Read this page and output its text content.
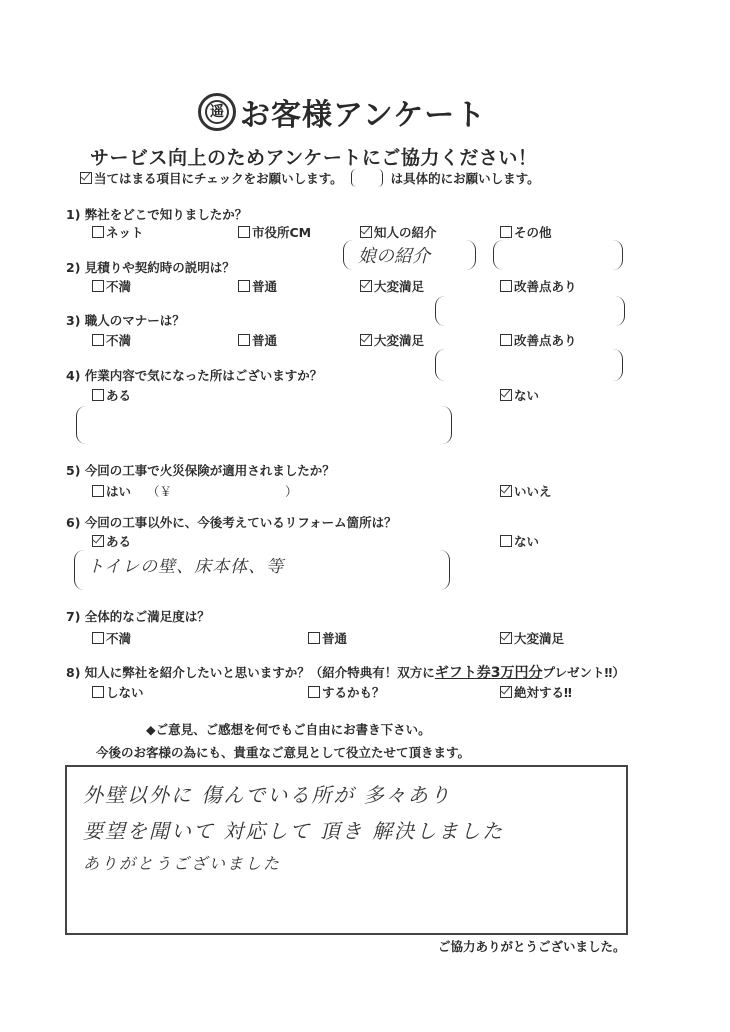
遥 お客様アンケート
サービス向上のためアンケートにご協力ください！
当てはまる項目にチェックをお願いします。	は具体的にお願いします。
1) 弊社をどこで知りましたか？
ネット	市役所CM	知人の紹介	その他
娘の紹介
2) 見積りや契約時の説明は？
不満	普通	大変満足	改善点あり
3) 職人のマナーは？
不満	普通	大変満足	改善点あり
4) 作業内容で気になった所はございますか？
ある	ない
5) 今回の工事で火災保険が適用されましたか？
はい （￥	）	いいえ
6) 今回の工事以外に、今後考えているリフォーム箇所は？
ある	ない
トイレの壁、床本体、等
7) 全体的なご満足度は？
不満	普通	大変満足
8) 知人に弊社を紹介したいと思いますか？（紹介特典有！双方にギフト券3万円分プレゼント‼）
しない	するかも？	絶対する‼
◆ご意見、ご感想を何でもご自由にお書き下さい。
今後のお客様の為にも、貴重なご意見として役立たせて頂きます。
外壁以外に 傷んでいる所が 多々あり
要望を聞いて 対応して 頂き 解決しました
ありがとうございました
ご協力ありがとうございました。
